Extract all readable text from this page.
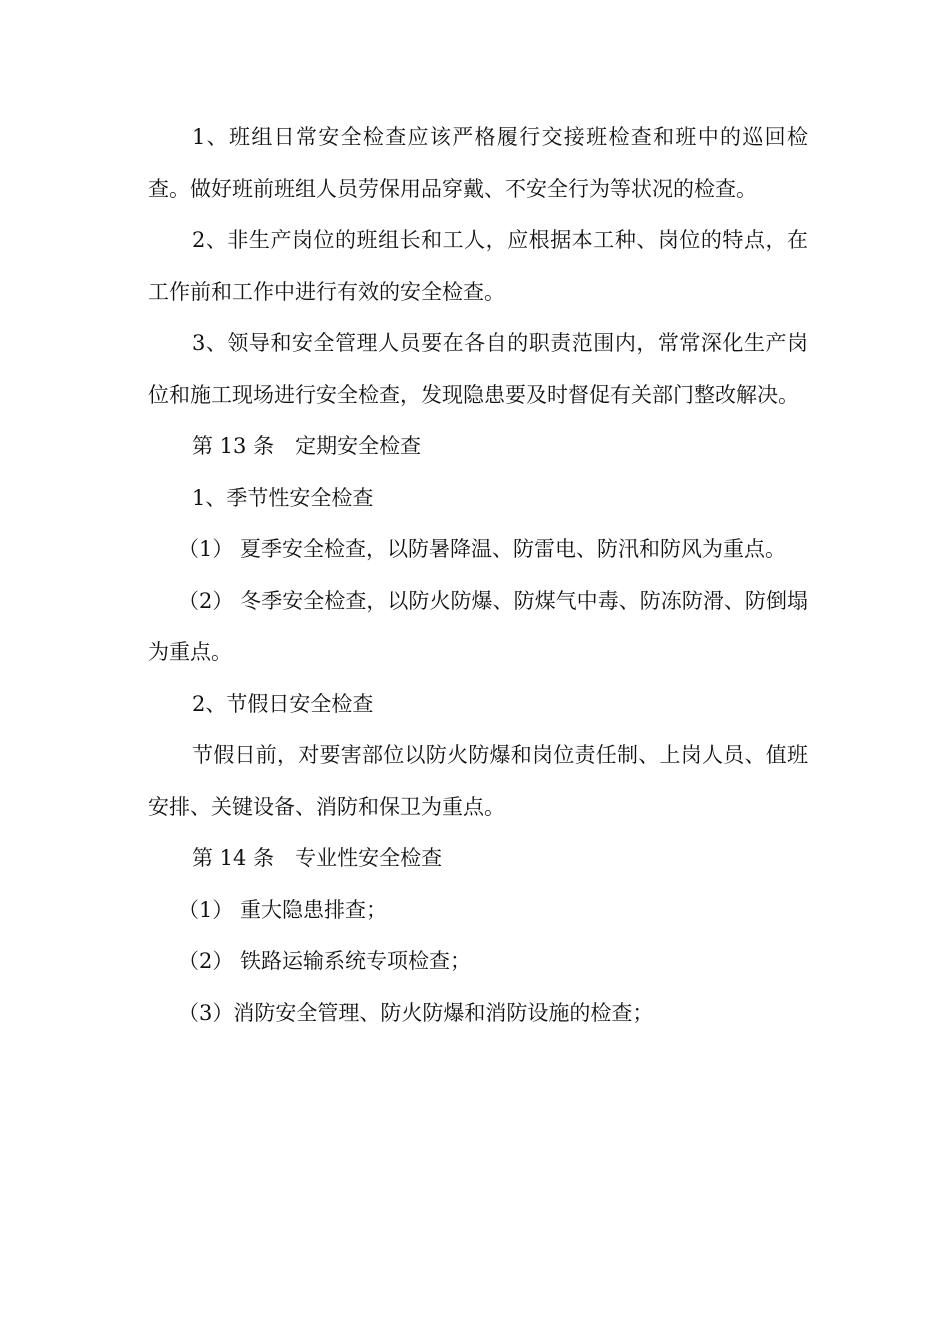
1、班组日常安全检查应该严格履行交接班检查和班中的巡回检查。做好班前班组人员劳保用品穿戴、不安全行为等状况的检查。

2、非生产岗位的班组长和工人，应根据本工种、岗位的特点，在工作前和工作中进行有效的安全检查。

3、领导和安全管理人员要在各自的职责范围内，常常深化生产岗位和施工现场进行安全检查，发现隐患要及时督促有关部门整改解决。

第 13 条　定期安全检查

1、季节性安全检查

（1） 夏季安全检查，以防暑降温、防雷电、防汛和防风为重点。

（2） 冬季安全检查，以防火防爆、防煤气中毒、防冻防滑、防倒塌为重点。

2、节假日安全检查

节假日前，对要害部位以防火防爆和岗位责任制、上岗人员、值班安排、关键设备、消防和保卫为重点。

第 14 条　专业性安全检查

（1） 重大隐患排查；

（2） 铁路运输系统专项检查；

（3）消防安全管理、防火防爆和消防设施的检查；
